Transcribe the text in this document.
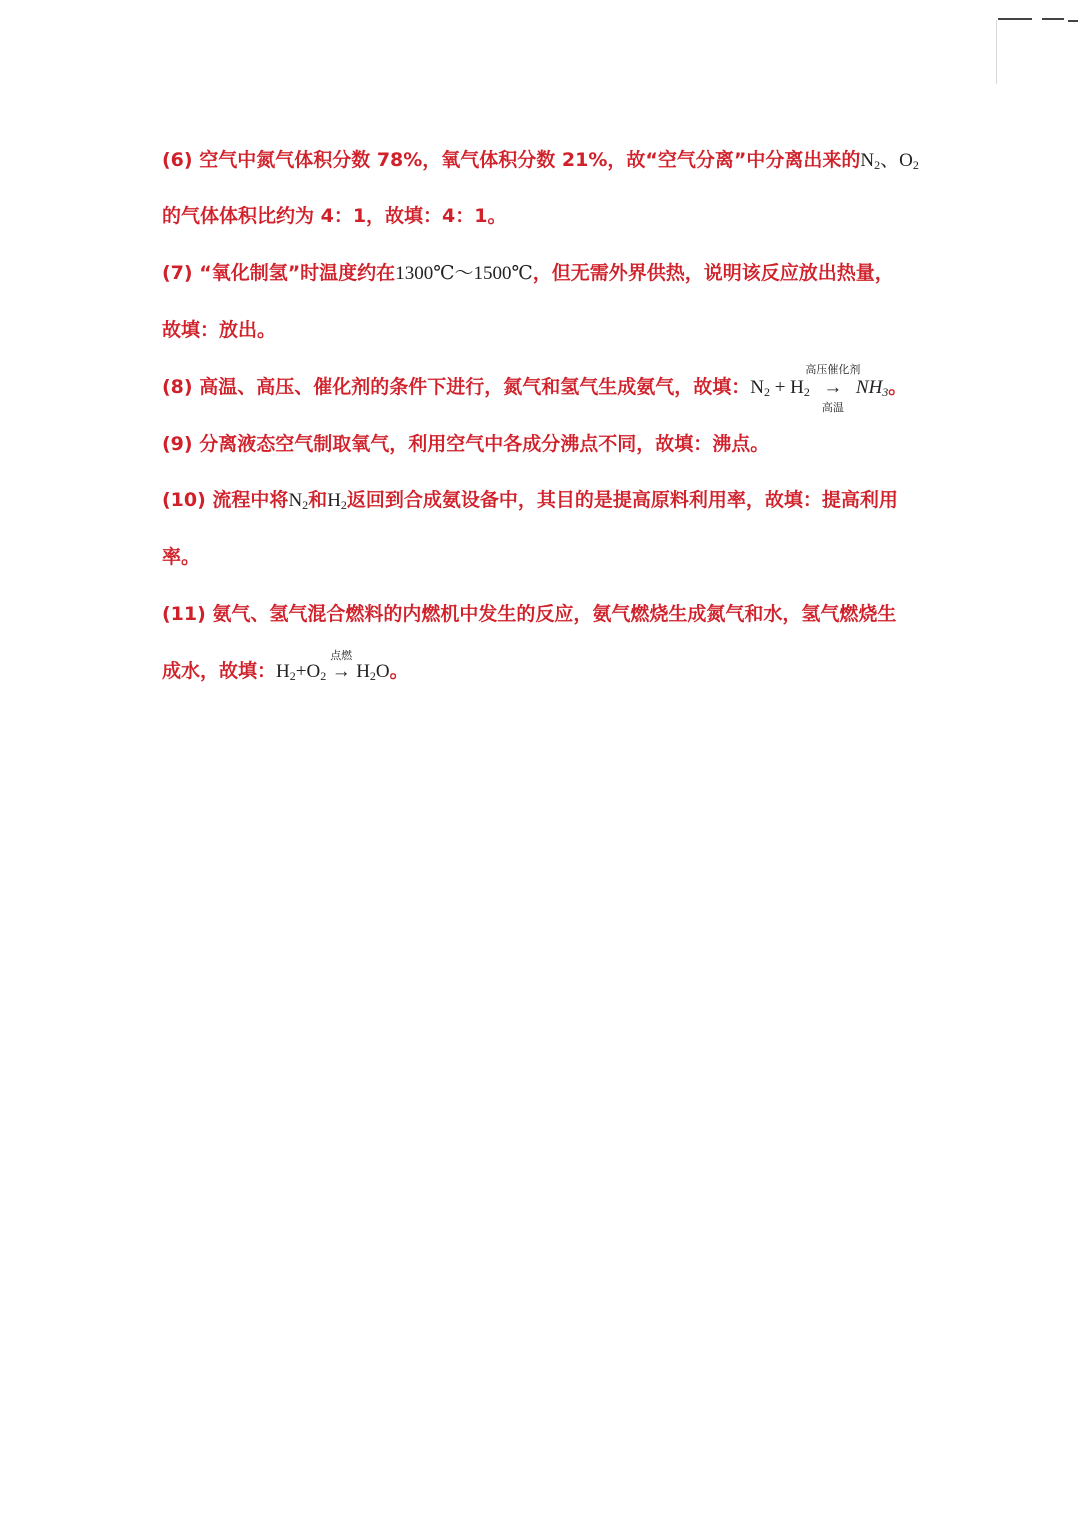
(6) 空气中氮气体积分数 78%，氧气体积分数 21%，故“空气分离”中分离出来的$N_2$、$O_2$
的气体体积比约为 4：1，故填：4：1。
(7) “氧化制氢”时温度约在1300℃～1500℃，但无需外界供热，说明该反应放出热量，
故填：放出。
(8) 高温、高压、催化剂的条件下进行，氮气和氢气生成氨气，故填：$N_2 + H_2$
高压催化剂
→
高温
$NH_3$。
(9) 分离液态空气制取氧气，利用空气中各成分沸点不同，故填：沸点。
(10) 流程中将$N_2$和$H_2$返回到合成氨设备中，其目的是提高原料利用率，故填：提高利用
率。
(11) 氨气、氢气混合燃料的内燃机中发生的反应，氨气燃烧生成氮气和水，氢气燃烧生
成水，故填：$H_2+O_2$
点燃
→ $H_2O$。
